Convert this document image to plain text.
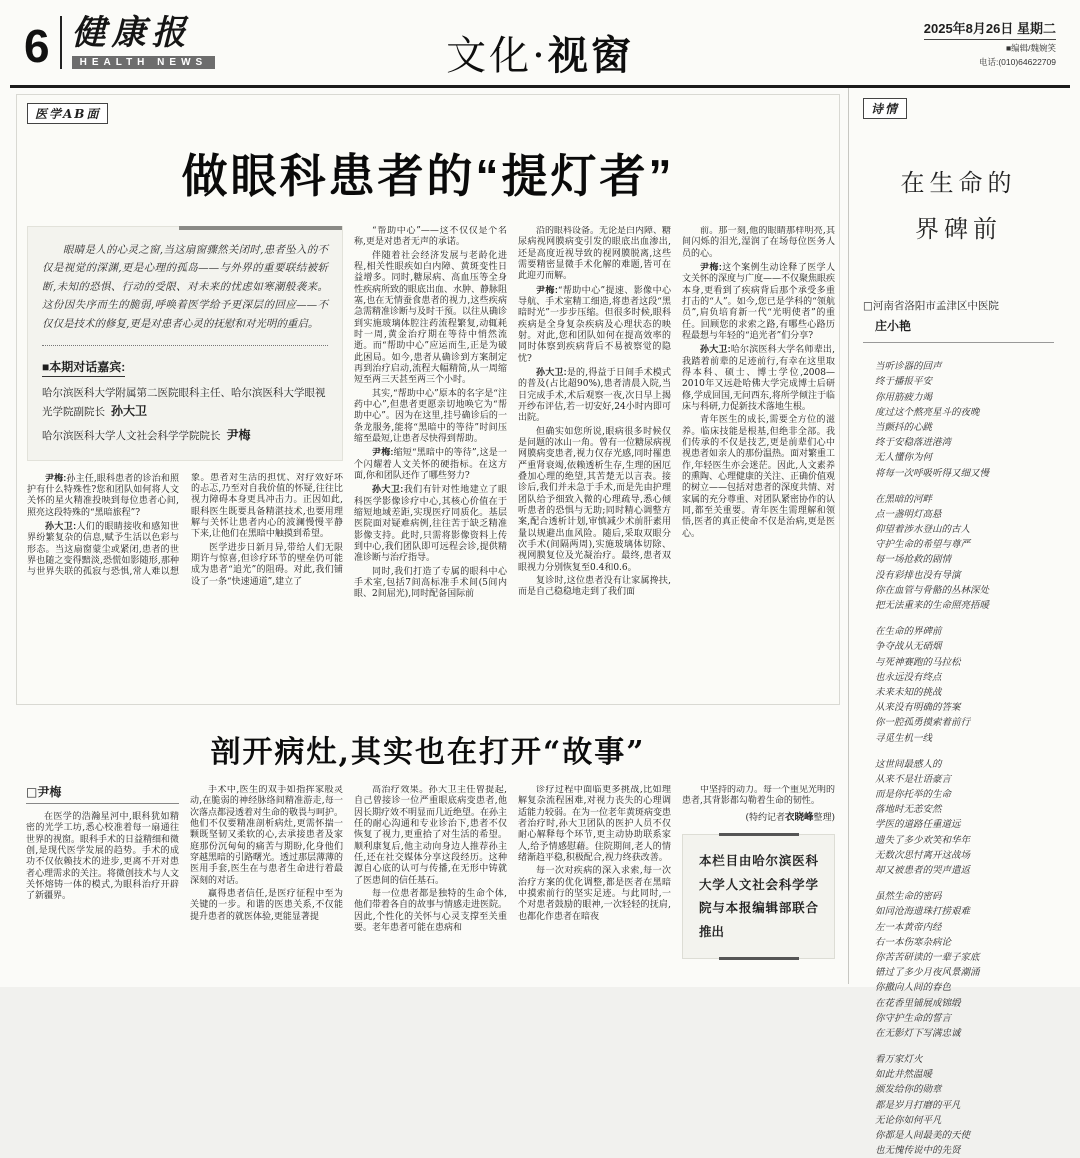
6 健康报
HEALTH NEWS	文化·视窗
2025年8月26日 星期二
■编辑/魏婉笑
电话:(010)64622709
医学AB面
做眼科患者的“提灯者”

眼睛是人的心灵之窗,当这扇窗骤然关闭时,患者坠入的不仅是视觉的深渊,更是心理的孤岛——与外界的重要联结被斩断,未知的恐惧、行动的受限、对未来的忧虑如寒潮般袭来。这份因失序而生的脆弱,呼唤着医学给予更深层的回应——不仅仅是技术的修复,更是对患者心灵的抚慰和对光明的重启。

■本期对话嘉宾:
哈尔滨医科大学附属第二医院眼科主任、哈尔滨医科大学眼视光学院副院长 孙大卫
哈尔滨医科大学人文社会科学学院院长 尹梅

尹梅:孙主任,眼科患者的诊治和照护有什么特殊性?您和团队如何将人文关怀的星火精准投映到每位患者心间,照亮这段特殊的“黑暗旅程”?

孙大卫:人们的眼睛接收和感知世界纷繁复杂的信息,赋予生活以色彩与形态。当这扇窗蒙尘或紧闭,患者的世界也随之变得黯淡,恐慌如影随形,那种与世界失联的孤寂与恐惧,常人难以想象。患者对生活的担忧、对疗效好坏的忐忑,乃至对自我价值的怀疑,往往比视力障碍本身更具冲击力。正因如此,眼科医生既要具备精湛技术,也要用理解与关怀让患者内心的波澜慢慢平静下来,让他们在黑暗中触摸到希望。

医学进步日新月异,带给人们无限期许与惊喜,但诊疗环节的壁垒仍可能成为患者“追光”的阻碍。对此,我们铺设了一条“快速通道”,建立了

“帮助中心”——这不仅仅是个名称,更是对患者无声的承诺。

伴随着社会经济发展与老龄化进程,相关性眼疾如白内障、黄斑变性日益增多。同时,糖尿病、高血压等全身性疾病所致的眼底出血、水肿、静脉阻塞,也在无情蚕食患者的视力,这些疾病急需精准诊断与及时干预。以往从确诊到实施玻璃体腔注药流程繁复,动辄耗时一周,黄金治疗期在等待中悄然流逝。而“帮助中心”应运而生,正是为破此困局。如今,患者从确诊到方案制定再到治疗启动,流程大幅精简,从一周缩短至两三天甚至两三个小时。

其实,“帮助中心”原本的名字是“注药中心”,但患者更愿亲切地唤它为“帮助中心”。因为在这里,挂号确诊后的一条龙服务,能将“黑暗中的等待”时间压缩至最短,让患者尽快得到帮助。

尹梅:缩短“黑暗中的等待”,这是一个闪耀着人文关怀的硬指标。在这方面,你和团队还作了哪些努力?

孙大卫:我们有针对性地建立了眼科医学影像诊疗中心,其核心价值在于缩短地域差距,实现医疗同质化。基层医院面对疑难病例,往往苦于缺乏精准影像支持。此时,只需将影像资料上传到中心,我们团队即可远程会诊,提供精准诊断与治疗指导。

同时,我们打造了专属的眼科中心手术室,包括7间高标准手术间(5间内眼、2间屈光),同时配备国际前

沿的眼科设备。无论是白内障、糖尿病视网膜病变引发的眼底出血渗出,还是高度近视导致的视网膜脱离,这些需要精密显微手术化解的难题,皆可在此迎刃而解。

尹梅:“帮助中心”提速、影像中心导航、手术室精工细造,将患者这段“黑暗时光”一步步压缩。但很多时候,眼科疾病是全身复杂疾病及心理状态的映射。对此,您和团队如何在提高效率的同时体察到疾病背后不易被察觉的隐忧?

孙大卫:是的,得益于日间手术模式的普及(占比超90%),患者清晨入院,当日完成手术,术后观察一夜,次日早上揭开纱布评估,若一切安好,24小时内即可出院。

但确实如您所说,眼病很多时候仅是问题的冰山一角。曾有一位糖尿病视网膜病变患者,视力仅存光感,同时罹患严重肾衰竭,依赖透析生存,生理的困厄叠加心理的绝望,其苦楚无以言表。接诊后,我们并未急于手术,而是先由护理团队给予细致入微的心理疏导,悉心倾听患者的恐惧与无助;同时精心调整方案,配合透析计划,审慎减少术前肝素用量以规避出血风险。随后,采取双眼分次手术(间隔两周),实施玻璃体切除、视网膜复位及光凝治疗。最终,患者双眼视力分别恢复至0.4和0.6。

复诊时,这位患者没有让家属搀扶,而是自己稳稳地走到了我们面

前。那一刻,他的眼睛那样明亮,其间闪烁的泪光,湿润了在场每位医务人员的心。

尹梅:这个案例生动诠释了医学人文关怀的深度与广度——不仅聚焦眼疾本身,更看到了疾病背后那个承受多重打击的“人”。如今,您已是学科的“领航员”,肩负培育新一代“光明使者”的重任。回顾您的求索之路,有哪些心路历程最想与年轻的“追光者”们分享?

孙大卫:哈尔滨医科大学名师辈出,我踏着前辈的足迹前行,有幸在这里取得本科、硕士、博士学位,2008—2010年又远赴哈佛大学完成博士后研修,学成回国,无问西东,将所学倾注于临床与科研,力促新技术落地生根。

青年医生的成长,需要全方位的滋养。临床技能是根基,但绝非全部。我们传承的不仅是技艺,更是前辈们心中视患者如亲人的那份温热。面对繁重工作,年轻医生亦会迷茫。因此,人文素养的熏陶、心理健康的关注、正确价值观的树立——包括对患者的深度共情、对家属的充分尊重、对团队紧密协作的认同,都至关重要。青年医生需理解和领悟,医者的真正使命不仅是治病,更是医心。

剖开病灶,其实也在打开“故事”
□尹梅

在医学的浩瀚星河中,眼科犹如精密的光学工坊,悉心校准着每一扇通往世界的视窗。眼科手术的日益精细和微创,是现代医学发展的趋势。手术的成功不仅依赖技术的进步,更离不开对患者心理需求的关注。将微创技术与人文关怀熔铸一体的模式,为眼科治疗开辟了新疆界。

手术中,医生的双手如指挥家般灵动,在脆弱的神经脉络间精准游走,每一次落点都浸透着对生命的敬畏与呵护。他们不仅要精准剖析病灶,更需怀揣一颗既坚韧又柔软的心,去承接患者及家庭那份沉甸甸的痛苦与期盼,化身他们穿越黑暗的引路曙光。透过那层薄薄的医用手套,医生在与患者生命进行着最深刻的对话。

赢得患者信任,是医疗征程中至为关键的一步。和谐的医患关系,不仅能提升患者的就医体验,更能显著提

高治疗效果。孙大卫主任曾提起,自己曾接诊一位严重眼底病变患者,他因长期疗效不明显而几近绝望。在孙主任的耐心沟通和专业诊治下,患者不仅恢复了视力,更重拾了对生活的希望。顺利康复后,他主动向身边人推荐孙主任,还在社交媒体分享这段经历。这种源自心底的认可与传播,在无形中铸就了医患间的信任基石。

每一位患者都是独特的生命个体,他们带着各自的故事与情感走进医院。因此,个性化的关怀与心灵支撑至关重要。老年患者可能在患病和

诊疗过程中面临更多挑战,比如理解复杂流程困难,对视力丧失的心理调适能力较弱。在为一位老年黄斑病变患者治疗时,孙大卫团队的医护人员不仅耐心解释每个环节,更主动协助联系家人,给予情感慰藉。住院期间,老人的情绪渐趋平稳,积极配合,视力终获改善。

每一次对疾病的深入求索,每一次治疗方案的优化调整,都是医者在黑暗中摸索前行的坚实足迹。与此同时,一个对患者鼓励的眼神,一次轻轻的抚肩,也都化作患者在暗夜

中坚持的动力。每一个重见光明的患者,其背影都勾勒着生命的韧性。

(特约记者衣晓峰整理)
本栏目由哈尔滨医科大学人文社会科学学院与本报编辑部联合推出
诗情
在生命的
界碑前
□河南省洛阳市孟津区中医院
庄小艳
当听诊器的回声
终于播报平安
你用筋疲力竭
度过这个熬亮星斗的夜晚
当颤抖的心跳
终于安稳落进港湾
无人懂你为何
将每一次呼吸听得又细又慢
在黑暗的河畔
点一盏明灯高悬
仰望着涉水登山的古人
守护生命的希望与尊严
每一场抢救的剧情
没有彩排也没有导演
你在血管与骨骼的丛林深处
把无法重来的生命照亮捂暖
在生命的界碑前
争夺战从无硝烟
与死神赛跑的马拉松
也永远没有终点
未来未知的挑战
从来没有明确的答案
你一腔孤勇摸索着前行
寻觅生机一线
这世间最感人的
从来不是壮语豪言
而是你托举的生命
落地时无恙安然
学医的道路任重道远
遗失了多少欢笑和华年
无数次思忖离开这战场
却又被患者的哭声遣返
虽然生命的密码
如同沧海遗珠打捞艰难
左一本黄帝内经
右一本伤寒杂病论
你苦苦研读的一辈子家底
错过了多少月夜风景潮涌
你撒向人间的春色
在花香里铺展成锦缎
你守护生命的誓言
在无影灯下写满忠诚
看万家灯火
如此井然温暖
颁发给你的勋章
都是岁月打磨的平凡
无论你如何平凡
你都是人间最美的天使
也无愧传说中的先贤
